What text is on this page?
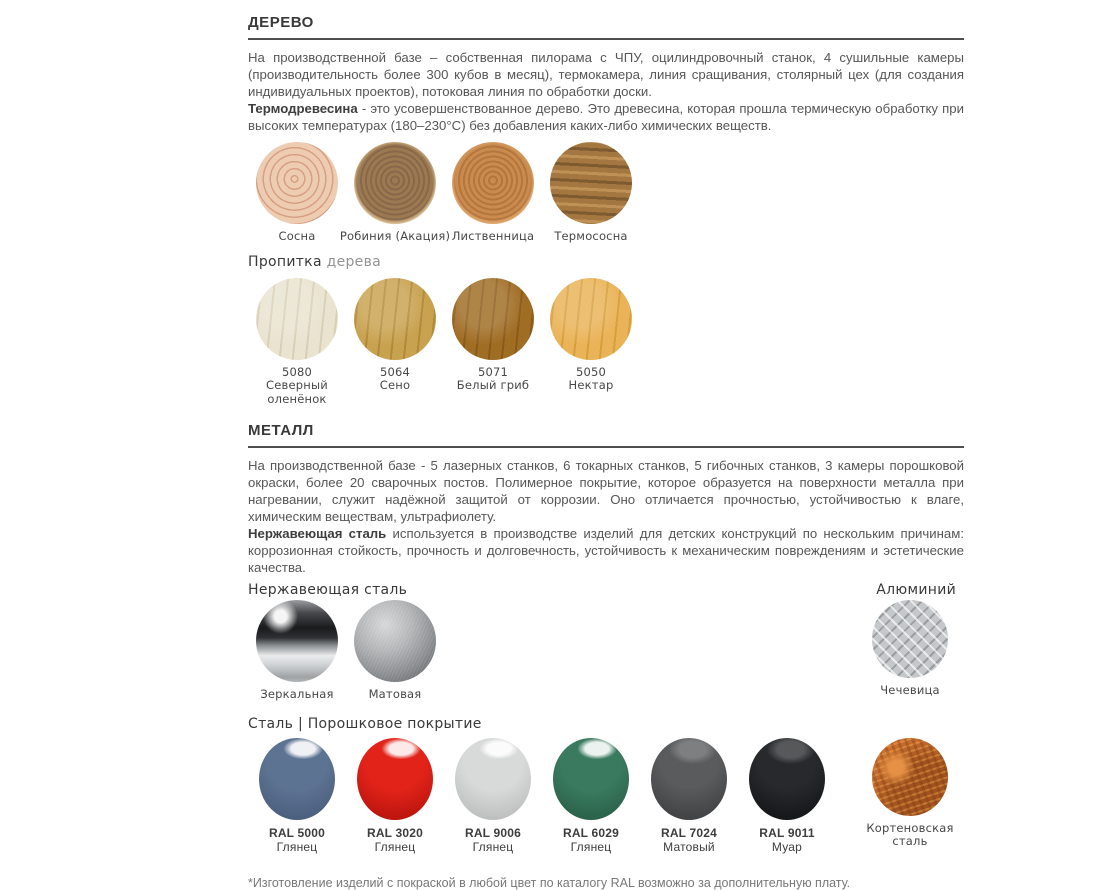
ДЕРЕВО

На производственной базе – собственная пилорама с ЧПУ, оцилиндровочный станок, 4 сушильные камеры (производительность более 300 кубов в месяц), термокамера, линия сращивания, столярный цех (для создания индивидуальных проектов), потоковая линия по обработки доски.

Термодревесина - это усовершенствованное дерево. Это древесина, которая прошла термическую обработку при высоких температурах (180–230°C) без добавления каких-либо химических веществ.

Сосна Робиния (Акация) Лиственница Термососна
Пропитка дерева
5080
Северный оленёнок
5064
Сено
5071
Белый гриб
5050
Нектар
МЕТАЛЛ

На производственной базе - 5 лазерных станков, 6 токарных станков, 5 гибочных станков, 3 камеры порошковой окраски, более 20 сварочных постов. Полимерное покрытие, которое образуется на поверхности металла при нагревании, служит надёжной защитой от коррозии. Оно отличается прочностью, устойчивостью к влаге, химическим веществам, ультрафиолету.

Нержавеющая сталь используется в производстве изделий для детских конструкций по нескольким причинам: коррозионная стойкость, прочность и долговечность, устойчивость к механическим повреждениям и эстетические качества.

Нержавеющая сталь	Алюминий
Зеркальная	Матовая	Чечевица
Сталь | Порошковое покрытие
RAL 5000
Глянец
RAL 3020
Глянец
RAL 9006
Глянец
RAL 6029
Глянец
RAL 7024
Матовый
RAL 9011
Муар
Кортеновская сталь

*Изготовление изделий с покраской в любой цвет по каталогу RAL возможно за дополнительную плату.
